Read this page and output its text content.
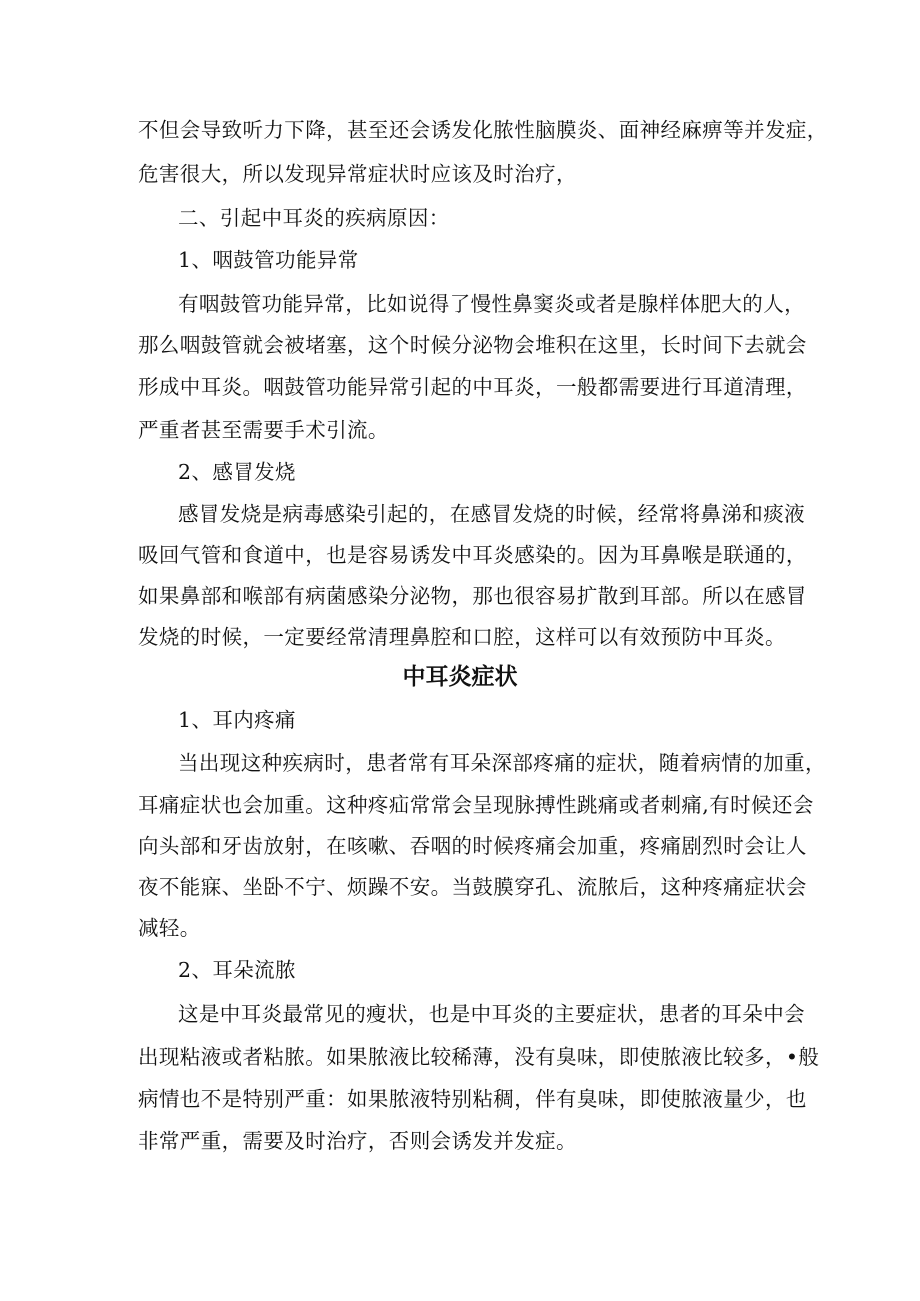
不但会导致听力下降，甚至还会诱发化脓性脑膜炎、面神经麻痹等并发症，
危害很大，所以发现异常症状时应该及时治疗，
二、引起中耳炎的疾病原因：
1、咽鼓管功能异常
有咽鼓管功能异常，比如说得了慢性鼻窦炎或者是腺样体肥大的人，
那么咽鼓管就会被堵塞，这个时候分泌物会堆积在这里，长时间下去就会
形成中耳炎。咽鼓管功能异常引起的中耳炎，一般都需要进行耳道清理，
严重者甚至需要手术引流。
2、感冒发烧
感冒发烧是病毒感染引起的，在感冒发烧的时候，经常将鼻涕和痰液
吸回气管和食道中，也是容易诱发中耳炎感染的。因为耳鼻喉是联通的，
如果鼻部和喉部有病菌感染分泌物，那也很容易扩散到耳部。所以在感冒
发烧的时候，一定要经常清理鼻腔和口腔，这样可以有效预防中耳炎。
中耳炎症状
1、耳内疼痛
当出现这种疾病时，患者常有耳朵深部疼痛的症状，随着病情的加重，
耳痛症状也会加重。这种疼疝常常会呈现脉搏性跳痛或者刺痛,有时候还会
向头部和牙齿放射，在咳嗽、吞咽的时候疼痛会加重，疼痛剧烈时会让人
夜不能寐、坐卧不宁、烦躁不安。当鼓膜穿孔、流脓后，这种疼痛症状会
减轻。
2、耳朵流脓
这是中耳炎最常见的瘦状，也是中耳炎的主要症状，患者的耳朵中会
出现粘液或者粘脓。如果脓液比较稀薄，没有臭味，即使脓液比较多，•般
病情也不是特别严重：如果脓液特别粘稠，伴有臭味，即使脓液量少，也
非常严重，需要及时治疗，否则会诱发并发症。
